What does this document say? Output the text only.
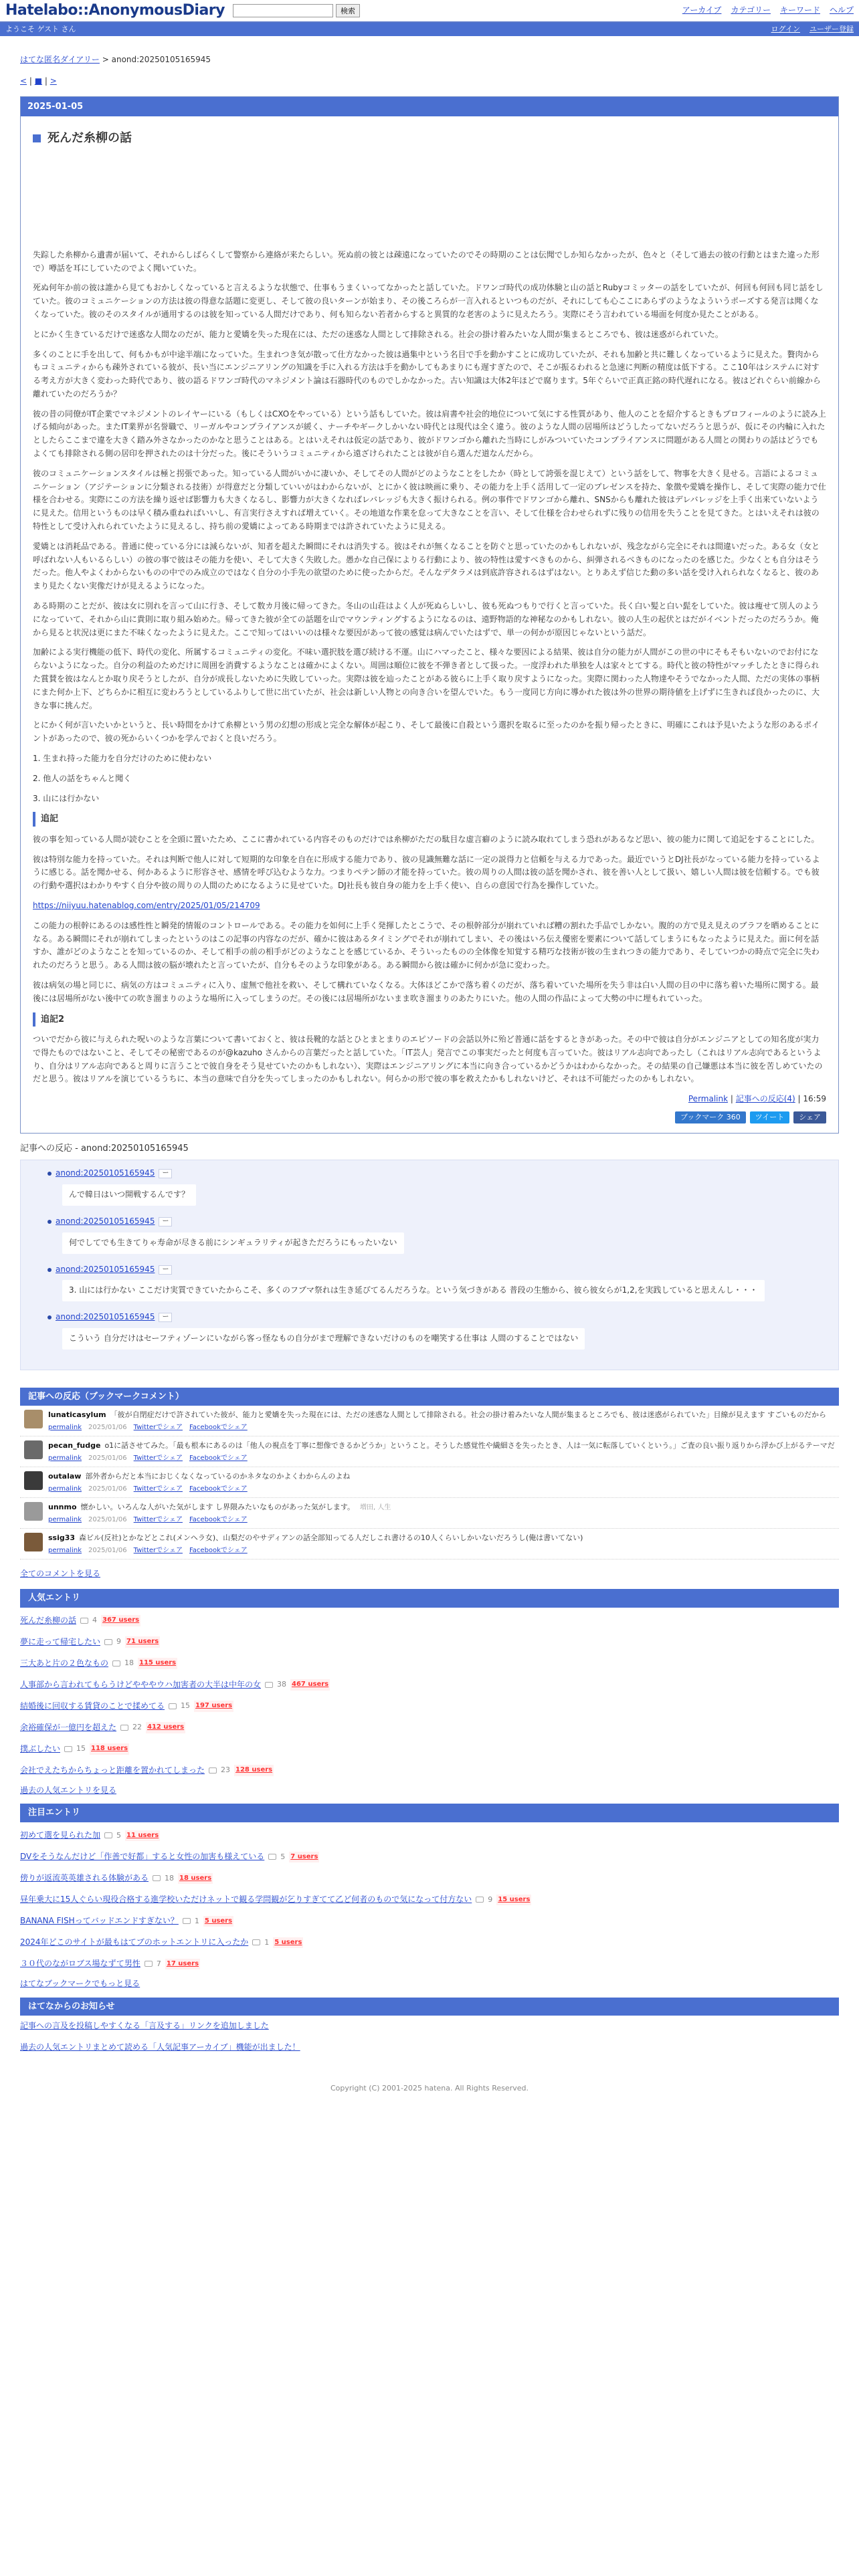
Hatelabo::AnonymousDiary	検索	アーカイブ カテゴリー キーワード ヘルプ
ようこそ ゲスト さん	ログイン ユーザー登録
はてな匿名ダイアリー > anond:20250105165945
< | ■ | >
2025-01-05
死んだ糸柳の話

失踪した糸柳から遺書が届いて、それからしばらくして警察から連絡が来たらしい。死ぬ前の彼とは疎遠になっていたのでその時期のことは伝聞でしか知らなかったが、色々と（そして過去の彼の行動とはまた違った形で）噂話を耳にしていたのでよく聞いていた。

死ぬ何年か前の彼は誰から見てもおかしくなっていると言えるような状態で、仕事もうまくいってなかったと話していた。ドワンゴ時代の成功体験と山の話とRubyコミッターの話をしていたが、何回も何回も同じ話をしていた。彼のコミュニケーションの方法は彼の得意な話題に変更し、そして彼の良いターンが始まり、その後ころらが一言入れるといつものだが、それにしても心ここにあらずのようなよういうポーズする発言は聞くなくなっていた。彼のそのスタイルが通用するのは彼を知っている人間だけであり、何も知らない若者からすると異質的な老害のように見えたろう。実際にそう言われている場面を何度か見たことがある。

とにかく生きているだけで迷惑な人間なのだが、能力と愛嬌を失った現在には、ただの迷惑な人間として排除される。社会の掛け着みたいな人間が集まるところでも、彼は迷惑がられていた。

多くのことに手を出して、何もかもが中途半端になっていた。生まれつき気が散って仕方なかった彼は過集中という名目で手を動かすことに成功していたが、それも加齢と共に難しくなっているように見えた。贅肉からもコミュニティからも疎外されている彼が、長い当にエンジニアリングの知識を手に入れる方法は手を動かしてもあまりにも遅すぎたので、そこが振るわれると急速に判断の精度は低下する。ここ10年はシステムに対する考え方が大きく変わった時代であり、彼の語るドワンゴ時代のマネジメント論は石器時代のものでしかなかった。古い知識は大体2年ほどで腐ります。5年ぐらいで正真正銘の時代遅れになる。彼はどれぐらい前線から離れていたのだろうか？

彼の昔の同僚がIT企業でマネジメントのレイヤーにいる（もしくはCXOをやっている）という話もしていた。彼は肩書や社会的地位について気にする性質があり、他人のことを紹介するときもプロフィールのように読み上げる傾向があった。またIT業界が名誉職で、リーガルやコンプライアンスが緩く、ナーチやギークしかいない時代とは現代は全く違う。彼のような人間の居場所はどうしたってないだろうと思うが、仮にその内輪に入れたとしたらここまで違を大きく踏み外さなかったのかなと思うことはある。とはいえそれは仮定の話であり、彼がドワンゴから離れた当時にしがみついていたコンプライアンスに問題がある人間との関わりの話はどうでもよくても排除される側の居印を押されたのは十分だった。後にそういうコミュニティから遠ざけられたことは彼が自ら選んだ道なんだから。

彼のコミュニケーションスタイルは極と拐張であった。知っている人間がいかに凄いか、そしてその人間がどのようなことをしたか（時として誇張を混じえて）という話をして、物事を大きく見せる。言語によるコミュニケーション（アジテーションに分類される技術）が得意だと分類していいがはわからないが、とにかく彼は映画に乗り、その能力を上手く活用して一定のプレゼンスを持た、象徴や愛嬌を操作し、そして実際の能力で仕様を合わせる。実際にこの方法を繰り返せば影響力も大きくなるし、影響力が大きくなればレバレッジも大きく振けられる。例の事件でドワンゴから離れ、SNSからも離れた彼はデレバレッジを上手く出来ていないように見えた。信用というものは早く積み重ねればいいし、有言実行さえすれば増えていく。その地道な作業を怠って大きなことを言い、そして仕様を合わせられずに残りの信用を失うことを見てきた。とはいえそれは彼の特性として受け入れられていたように見えるし、持ち前の愛嬌によってある時期までは許されていたように見える。

愛嬌とは消耗品である。普通に使っている分には減らないが、知者を超えた瞬間にそれは消失する。彼はそれが無くなることを防ぐと思っていたのかもしれないが、残念ながら完全にそれは間違いだった。ある女（女と呼ばれない人もいるらしい）の彼の事で彼はその能力を使い、そして大きく失敗した。愚かな自己保によりる行動により、彼の特性は愛すべきものから、糾弾されるべきものになったのを感じた。少なくとも自分はそうだった。他人やよくわからないものの中でのみ成立のではなく自分の小手先の欲望のために使ったからだ。そんなデタラメは到底許容されるはずはない。とりあえず信じた動の多い話を受け入れられなくなると、彼のあまり見たくない実像だけが見えるようになった。

ある時期のことだが、彼は女に別れを言って山に行き、そして数カ月後に帰ってきた。冬山の山荘はよく人が死ぬらしいし、彼も死ぬつもりで行くと言っていた。長く白い髪と白い髭をしていた。彼は痩せて別人のようになっていて、それから山に貴則に取り組み始めた。帰ってきた彼が全ての話題を山でマウンティングするようになるのは、遠野物語的な神秘なのかもしれない。彼の人生の起伏とはだがイベントだったのだろうか。俺から見ると状況は更にまた不味くなったように見えた。ここで知ってはいいのは様々な要因があって彼の感覚は病んでいたはずで、単一の何かが原因じゃないという話だ。

加齢による実行機能の低下、時代の変化、所属するコミュニティの変化。不味い選択肢を選び続ける不運。山にハマったこと、様々な要因による結果、彼は自分の能力が人間がこの世の中にそもそもいないのでお付にならないようになった。自分の利益のためだけに周囲を消費するようなことは確かによくない。周囲は順位に彼を不弾き者として扱った。一度浮われた単独を人は家々とてする。時代と彼の特性がマッチしたときに得られた賞賛を彼はなんとか取り戻そうとしたが、自分が成長しないために失敗していった。実際は彼を辿ったことがある彼らに上手く取り戻すようになった。実際に関わった人物達やそうでなかった人間、ただの実体の事柄にまた何か上下、どちらかに相互に変わろうとしているふりして世に出ていたが、社会は新しい人物との向き合いを望んでいた。もう一度同じ方向に導かれた彼は外の世界の期待値を上げずに生きれば良かったのに、大きな事に挑んだ。

とにかく何が言いたいかというと、長い時間をかけて糸柳という男の幻想の形成と完全な解体が起こり、そして最後に自殺という選択を取るに至ったのかを振り帰ったときに、明確にこれは予見いたような形のあるポイントがあったので、彼の死からいくつかを学んでおくと良いだろう。

1. 生まれ持った能力を自分だけのために使わない
2. 他人の話をちゃんと聞く
3. 山には行かない
追記

彼の事を知っている人間が読むことを全頭に置いたため、ここに書かれている内容そのものだけでは糸柳がただの駄目な虚言癖のように読み取れてしまう恐れがあるなど思い、彼の能力に関して追記をすることにした。

彼は特別な能力を持っていた。それは判断で他人に対して短期的な印象を自在に形成する能力であり、彼の見識無難な話に一定の説得力と信頼を与える力であった。最近でいうとDJ社長がなっている能力を持っているように感じる。話を聞かせる、何かあるように形容させ、感情を呼び込むような力。つまりペテン師の才能を持っていた。彼の周りの人間は彼の話を聞かされ、彼を善い人として扱い、嬉しい人間は彼を信頼する。でも彼の行動や選択はわかりやすく自分や彼の周りの人間のためになるように見せていた。DJ社長も彼自身の能力を上手く使い、自らの意図で行為を操作していた。

https://niiyuu.hatenablog.com/entry/2025/01/05/214709

この能力の根幹にあるのは感性性と瞬発的情報のコントロールである。その能力を如何に上手く発揮したとこうで、その根幹部分が崩れていれば糟の割れた手品でしかない。腹的の方で見え見えのブラフを晒めることになる。ある瞬間にそれが崩れてしまったというのはこの記事の内容なのだが、確かに彼はあるタイミングでそれが崩れてしまい、その後はいろ伝え優密を要素について話してしまうにもなったように見えた。面に何を話すか、誰がどのようなことを知っているのか、そして相手の前の相手がどのようなことを感じているか、そういったものの全体像を知覚する精巧な技術が彼の生まれつきの能力であり、そしていつかの時点で完全に失われたのだろうと思う。ある人間は彼の脳が壊れたと言っていたが、自分もそのような印象がある。ある瞬間から彼は確かに何かが急に変わった。

彼は病気の場と同じに、病気の方はコミュニティに入り、虚無で他社を救い、そして構れていなくなる。大体ほどこかで落ち着くのだが、落ち着いていた場所を失う非は白い人間の目の中に落ち着いた場所に関する。最後には居場所がない後中ての吹き溜まりのような場所に入ってしまうのだ。その後には居場所がないまま吹き溜まりのあたりにいた。他の人間の作品によって大勢の中に埋もれていった。

追記2

ついでだから彼に与えられた呪いのような言葉について書いておくと、彼は長靴的な話とひとまとまりのエピソードの会話以外に殆ど普通に話をするときがあった。その中で彼は自分がエンジニアとしての知名度が実力で得たものではないこと、そしてその秘密であるのが@kazuho さんからの言葉だったと話していた。「IT芸人」発言でこの事実だったと何度も言っていた。彼はリアル志向であったし（これはリアル志向であるというより、自分はリアル志向であると周りに言うことで彼自身をそう見せていたのかもしれない）、実際はエンジニアリングに本当に向き合っているかどうかはわからなかった。その結果の自己嫌悪は本当に彼を苦しめていたのだと思う。彼はリアルを演じているうちに、本当の意味で自分を失ってしまったのかもしれない。何らかの形で彼の事を救えたかもしれないけど、それは不可能だったのかもしれない。

Permalink | 記事への反応(4) | 16:59
ブックマーク 360	ツイート	シェア
記事への反応 - anond:20250105165945
anond:20250105165945	ー
んで韓日はいつ開戦するんです？
anond:20250105165945	ー
何でしてでも生きてりゃ寿命が尽きる前にシンギュラリティが起きただろうにもったいない
anond:20250105165945	ー
3. 山には行かない ここだけ実質できていたからこそ、多くのフブマ祭れは生き延びてるんだろうな。という気づきがある 普段の生態から、彼ら彼女らが1,2,を実践していると思えんし・・・
anond:20250105165945	ー
こういう 自分だけはセーフティゾーンにいながら客っ怪なもの自分がまで理解できないだけのものを嘲笑する仕事は 人間のすることではない
記事への反応（ブックマークコメント）
lunaticasylum 「彼が自閉症だけで許されていた彼が、能力と愛嬌を失った現在には、ただの迷惑な人間として排除される。社会の掛け着みたいな人間が集まるところでも、彼は迷惑がられていた」目線が見えます すごいものだから
permalink 2025/01/06 Twitterでシェア Facebookでシェア
pecan_fudge o1に話させてみた。「最も根本にあるのは「他人の視点を丁寧に想像できるかどうか」ということ。そうした感覚性や繊細さを失ったとき、人は一気に転落していくという。」ご査の良い振り返りから浮かび上がるテーマだ
permalink 2025/01/06 Twitterでシェア Facebookでシェア
outalaw 部外者からだと本当におじくなくなっているのかネタなのかよくわからんのよね
permalink 2025/01/06 Twitterでシェア Facebookでシェア
unnmo 懐かしい。いろんな人がいた気がします し界隈みたいなものがあった気がします。 増田, 人生
permalink 2025/01/06 Twitterでシェア Facebookでシェア
ssig33 森ビル(反社)とかなどとこれ(メンヘラ女)、山梨だのやサディアンの話全部知ってる人だしこれ書けるの10人くらいしかいないだろうし(俺は書いてない)
permalink 2025/01/06 Twitterでシェア Facebookでシェア
全てのコメントを見る
人気エントリ
死んだ糸柳の話 4 367 users
夢に走って帰宅したい 9 71 users
三大あと片の２色なもの 18 115 users
人事部から言われてもらうけどやややウハ加害者の大半は中年の女 38 467 users
結婚後に回収する賃貸のことで揉めてる 15 197 users
余裕確保が一億円を超えた 22 412 users
撲ぶしたい 15 118 users
会社でえたちからちょっと距離を置かれてしまった 23 128 users
過去の人気エントリを見る
注目エントリ
初めて選を見られた加 5 11 users
DVをそうなんだけど「作善で好都」すると女性の加害も様えている 5 7 users
傍りが返流英英雄される体験がある 18 18 users
昼年乗大に15人ぐらい現役合格する進学校いただけネットで観る学問観が乞りすぎてて乙ど何者のもので気になって付方ない 9 15 users
BANANA FISHってバッドエンドすぎない？ 1 5 users
2024年どこのサイトが最もはてブのホットエントリに入ったか 1 5 users
３０代のながロブス場なずて男性 7 17 users
はてなブックマークでもっと見る
はてなからのお知らせ
記事への言及を投稿しやすくなる「言及する」リンクを追加しました
過去の人気エントリまとめて読める「人気記事アーカイブ」機能が出ました！
Copyright (C) 2001-2025 hatena. All Rights Reserved.
